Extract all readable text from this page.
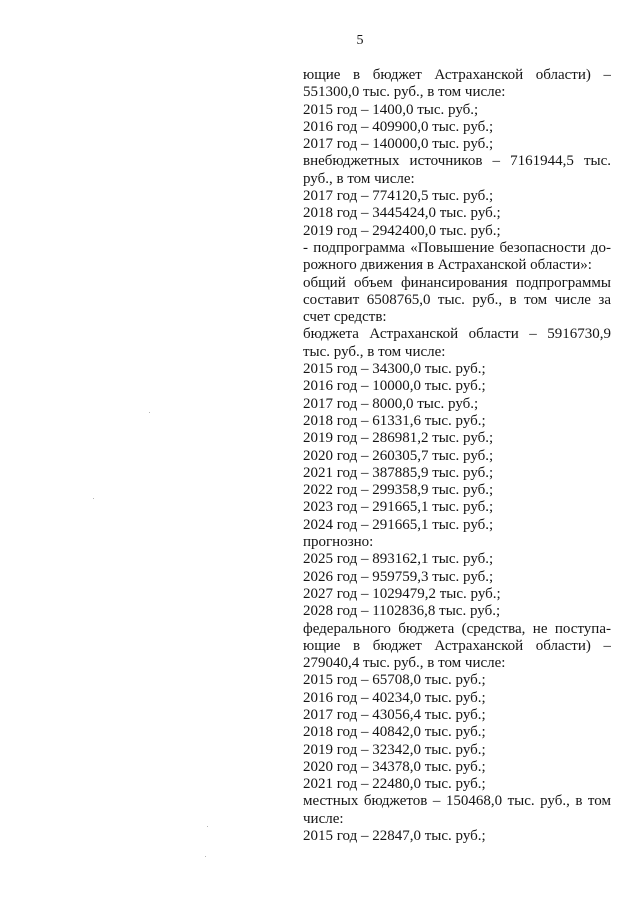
5
ющие в бюджет Астраханской области) –
551300,0 тыс. руб., в том числе:
2015 год – 1400,0 тыс. руб.;
2016 год – 409900,0 тыс. руб.;
2017 год – 140000,0 тыс. руб.;
внебюджетных источников – 7161944,5 тыс.
руб., в том числе:
2017 год – 774120,5 тыс. руб.;
2018 год – 3445424,0 тыс. руб.;
2019 год – 2942400,0 тыс. руб.;
- подпрограмма «Повышение безопасности до-
рожного движения в Астраханской области»:
общий объем финансирования подпрограммы
составит 6508765,0 тыс. руб., в том числе за
счет средств:
бюджета Астраханской области – 5916730,9
тыс. руб., в том числе:
2015 год – 34300,0 тыс. руб.;
2016 год – 10000,0 тыс. руб.;
2017 год – 8000,0 тыс. руб.;
2018 год – 61331,6 тыс. руб.;
2019 год – 286981,2 тыс. руб.;
2020 год – 260305,7 тыс. руб.;
2021 год – 387885,9 тыс. руб.;
2022 год – 299358,9 тыс. руб.;
2023 год – 291665,1 тыс. руб.;
2024 год – 291665,1 тыс. руб.;
прогнозно:
2025 год – 893162,1 тыс. руб.;
2026 год – 959759,3 тыс. руб.;
2027 год – 1029479,2 тыс. руб.;
2028 год – 1102836,8 тыс. руб.;
федерального бюджета (средства, не поступа-
ющие в бюджет Астраханской области) –
279040,4 тыс. руб., в том числе:
2015 год – 65708,0 тыс. руб.;
2016 год – 40234,0 тыс. руб.;
2017 год – 43056,4 тыс. руб.;
2018 год – 40842,0 тыс. руб.;
2019 год – 32342,0 тыс. руб.;
2020 год – 34378,0 тыс. руб.;
2021 год – 22480,0 тыс. руб.;
местных бюджетов – 150468,0 тыс. руб., в том
числе:
2015 год – 22847,0 тыс. руб.;
